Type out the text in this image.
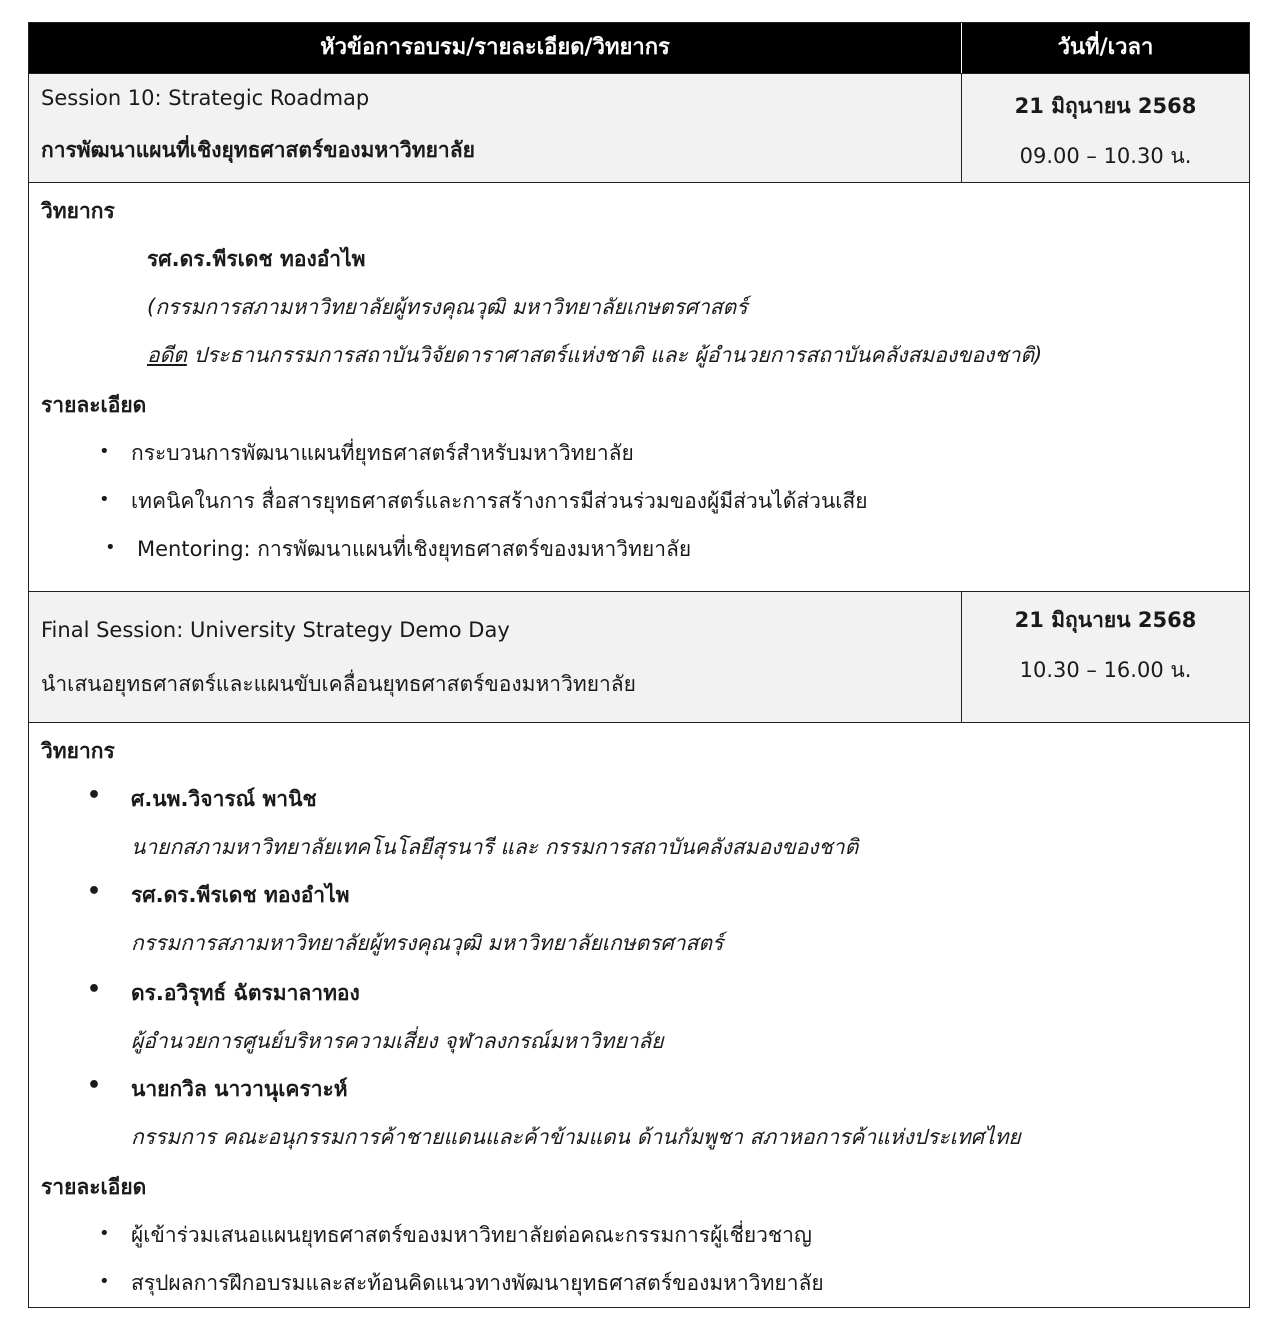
หัวข้อการอบรม/รายละเอียด/วิทยากร	วันที่/เวลา
Session 10: Strategic Roadmap
การพัฒนาแผนที่เชิงยุทธศาสตร์ของมหาวิทยาลัย
21 มิถุนายน 2568
09.00 – 10.30 น.
วิทยากร
รศ.ดร.พีรเดช ทองอำไพ
(กรรมการสภามหาวิทยาลัยผู้ทรงคุณวุฒิ มหาวิทยาลัยเกษตรศาสตร์
อดีต ประธานกรรมการสถาบันวิจัยดาราศาสตร์แห่งชาติ และ ผู้อำนวยการสถาบันคลังสมองของชาติ)
รายละเอียด
• กระบวนการพัฒนาแผนที่ยุทธศาสตร์สำหรับมหาวิทยาลัย
• เทคนิคในการ สื่อสารยุทธศาสตร์และการสร้างการมีส่วนร่วมของผู้มีส่วนได้ส่วนเสีย
• Mentoring: การพัฒนาแผนที่เชิงยุทธศาสตร์ของมหาวิทยาลัย
Final Session: University Strategy Demo Day
นำเสนอยุทธศาสตร์และแผนขับเคลื่อนยุทธศาสตร์ของมหาวิทยาลัย
21 มิถุนายน 2568
10.30 – 16.00 น.
วิทยากร
• ศ.นพ.วิจารณ์ พานิช
นายกสภามหาวิทยาลัยเทคโนโลยีสุรนารี และ กรรมการสถาบันคลังสมองของชาติ
• รศ.ดร.พีรเดช ทองอำไพ
กรรมการสภามหาวิทยาลัยผู้ทรงคุณวุฒิ มหาวิทยาลัยเกษตรศาสตร์
• ดร.อวิรุทธ์ ฉัตรมาลาทอง
ผู้อำนวยการศูนย์บริหารความเสี่ยง จุฬาลงกรณ์มหาวิทยาลัย
• นายกวิล นาวานุเคราะห์
กรรมการ คณะอนุกรรมการค้าชายแดนและค้าข้ามแดน ด้านกัมพูชา สภาหอการค้าแห่งประเทศไทย
รายละเอียด
• ผู้เข้าร่วมเสนอแผนยุทธศาสตร์ของมหาวิทยาลัยต่อคณะกรรมการผู้เชี่ยวชาญ
• สรุปผลการฝึกอบรมและสะท้อนคิดแนวทางพัฒนายุทธศาสตร์ของมหาวิทยาลัย
